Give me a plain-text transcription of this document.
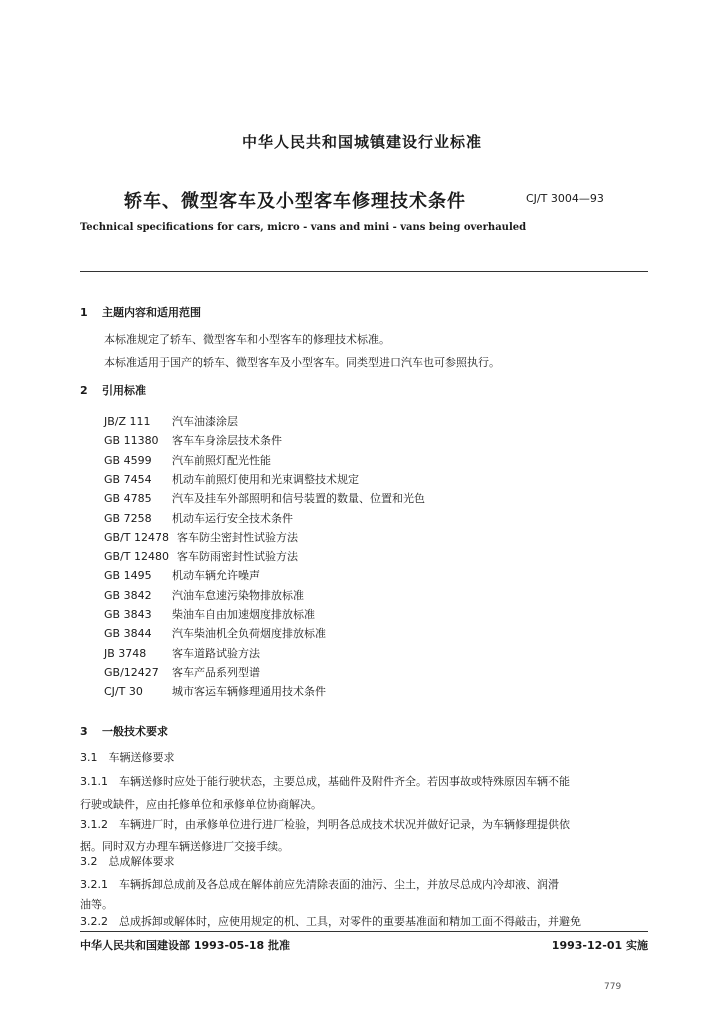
中华人民共和国城镇建设行业标准
轿车、微型客车及小型客车修理技术条件	CJ/T 3004—93
Technical specifications for cars, micro - vans and mini - vans being overhauled
1 主题内容和适用范围
本标准规定了轿车、微型客车和小型客车的修理技术标准。
本标准适用于国产的轿车、微型客车及小型客车。同类型进口汽车也可参照执行。
2 引用标准
JB/Z 111 汽车油漆涂层
GB 11380 客车车身涂层技术条件
GB 4599 汽车前照灯配光性能
GB 7454 机动车前照灯使用和光束调整技术规定
GB 4785 汽车及挂车外部照明和信号装置的数量、位置和光色
GB 7258 机动车运行安全技术条件
GB/T 12478 客车防尘密封性试验方法
GB/T 12480 客车防雨密封性试验方法
GB 1495 机动车辆允许噪声
GB 3842 汽油车怠速污染物排放标准
GB 3843 柴油车自由加速烟度排放标准
GB 3844 汽车柴油机全负荷烟度排放标准
JB 3748 客车道路试验方法
GB/12427 客车产品系列型谱
CJ/T 30	城市客运车辆修理通用技术条件
3 一般技术要求
3.1　车辆送修要求
3.1.1　车辆送修时应处于能行驶状态，主要总成，基础件及附件齐全。若因事故或特殊原因车辆不能
行驶或缺件，应由托修单位和承修单位协商解决。
3.1.2　车辆进厂时，由承修单位进行进厂检验，判明各总成技术状况并做好记录，为车辆修理提供依
据。同时双方办理车辆送修进厂交接手续。
3.2　总成解体要求
3.2.1　车辆拆卸总成前及各总成在解体前应先清除表面的油污、尘土，并放尽总成内冷却液、润滑
油等。
3.2.2　总成拆卸或解体时，应使用规定的机、工具，对零件的重要基准面和精加工面不得敲击，并避免
中华人民共和国建设部 1993-05-18 批准	1993-12-01 实施
779
